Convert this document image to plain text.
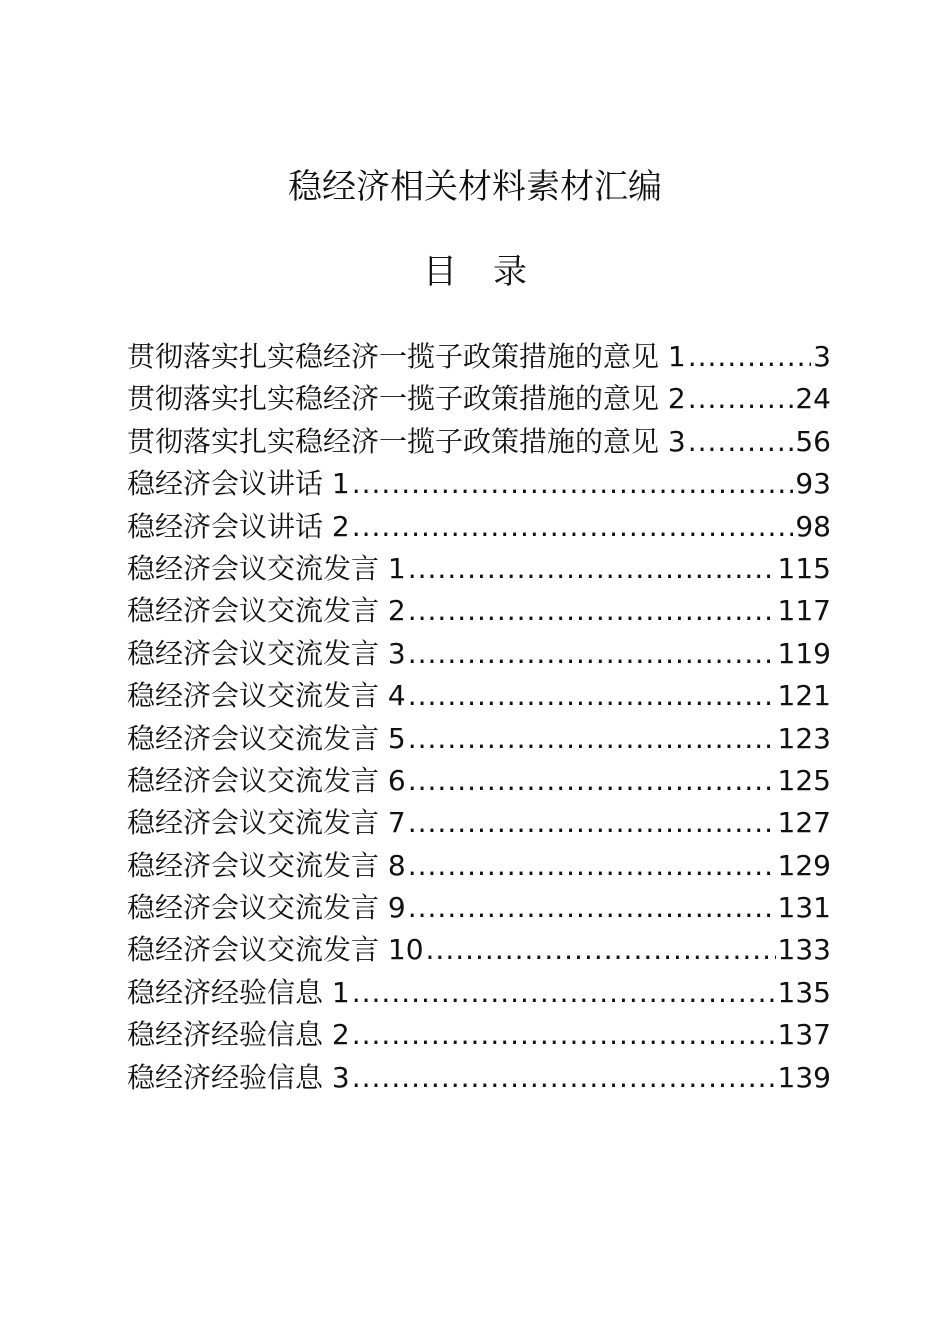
稳经济相关材料素材汇编
目 录
贯彻落实扎实稳经济一揽子政策措施的意见 1 .....	3
贯彻落实扎实稳经济一揽子政策措施的意见 2 .....	24
贯彻落实扎实稳经济一揽子政策措施的意见 3 .....	56
稳经济会议讲话 1 .....	93
稳经济会议讲话 2 .....	98
稳经济会议交流发言 1 .....	115
稳经济会议交流发言 2 .....	117
稳经济会议交流发言 3 .....	119
稳经济会议交流发言 4 .....	121
稳经济会议交流发言 5 .....	123
稳经济会议交流发言 6 .....	125
稳经济会议交流发言 7 .....	127
稳经济会议交流发言 8 .....	129
稳经济会议交流发言 9 .....	131
稳经济会议交流发言 10 .....	133
稳经济经验信息 1 .....	135
稳经济经验信息 2 .....	137
稳经济经验信息 3 .....	139
